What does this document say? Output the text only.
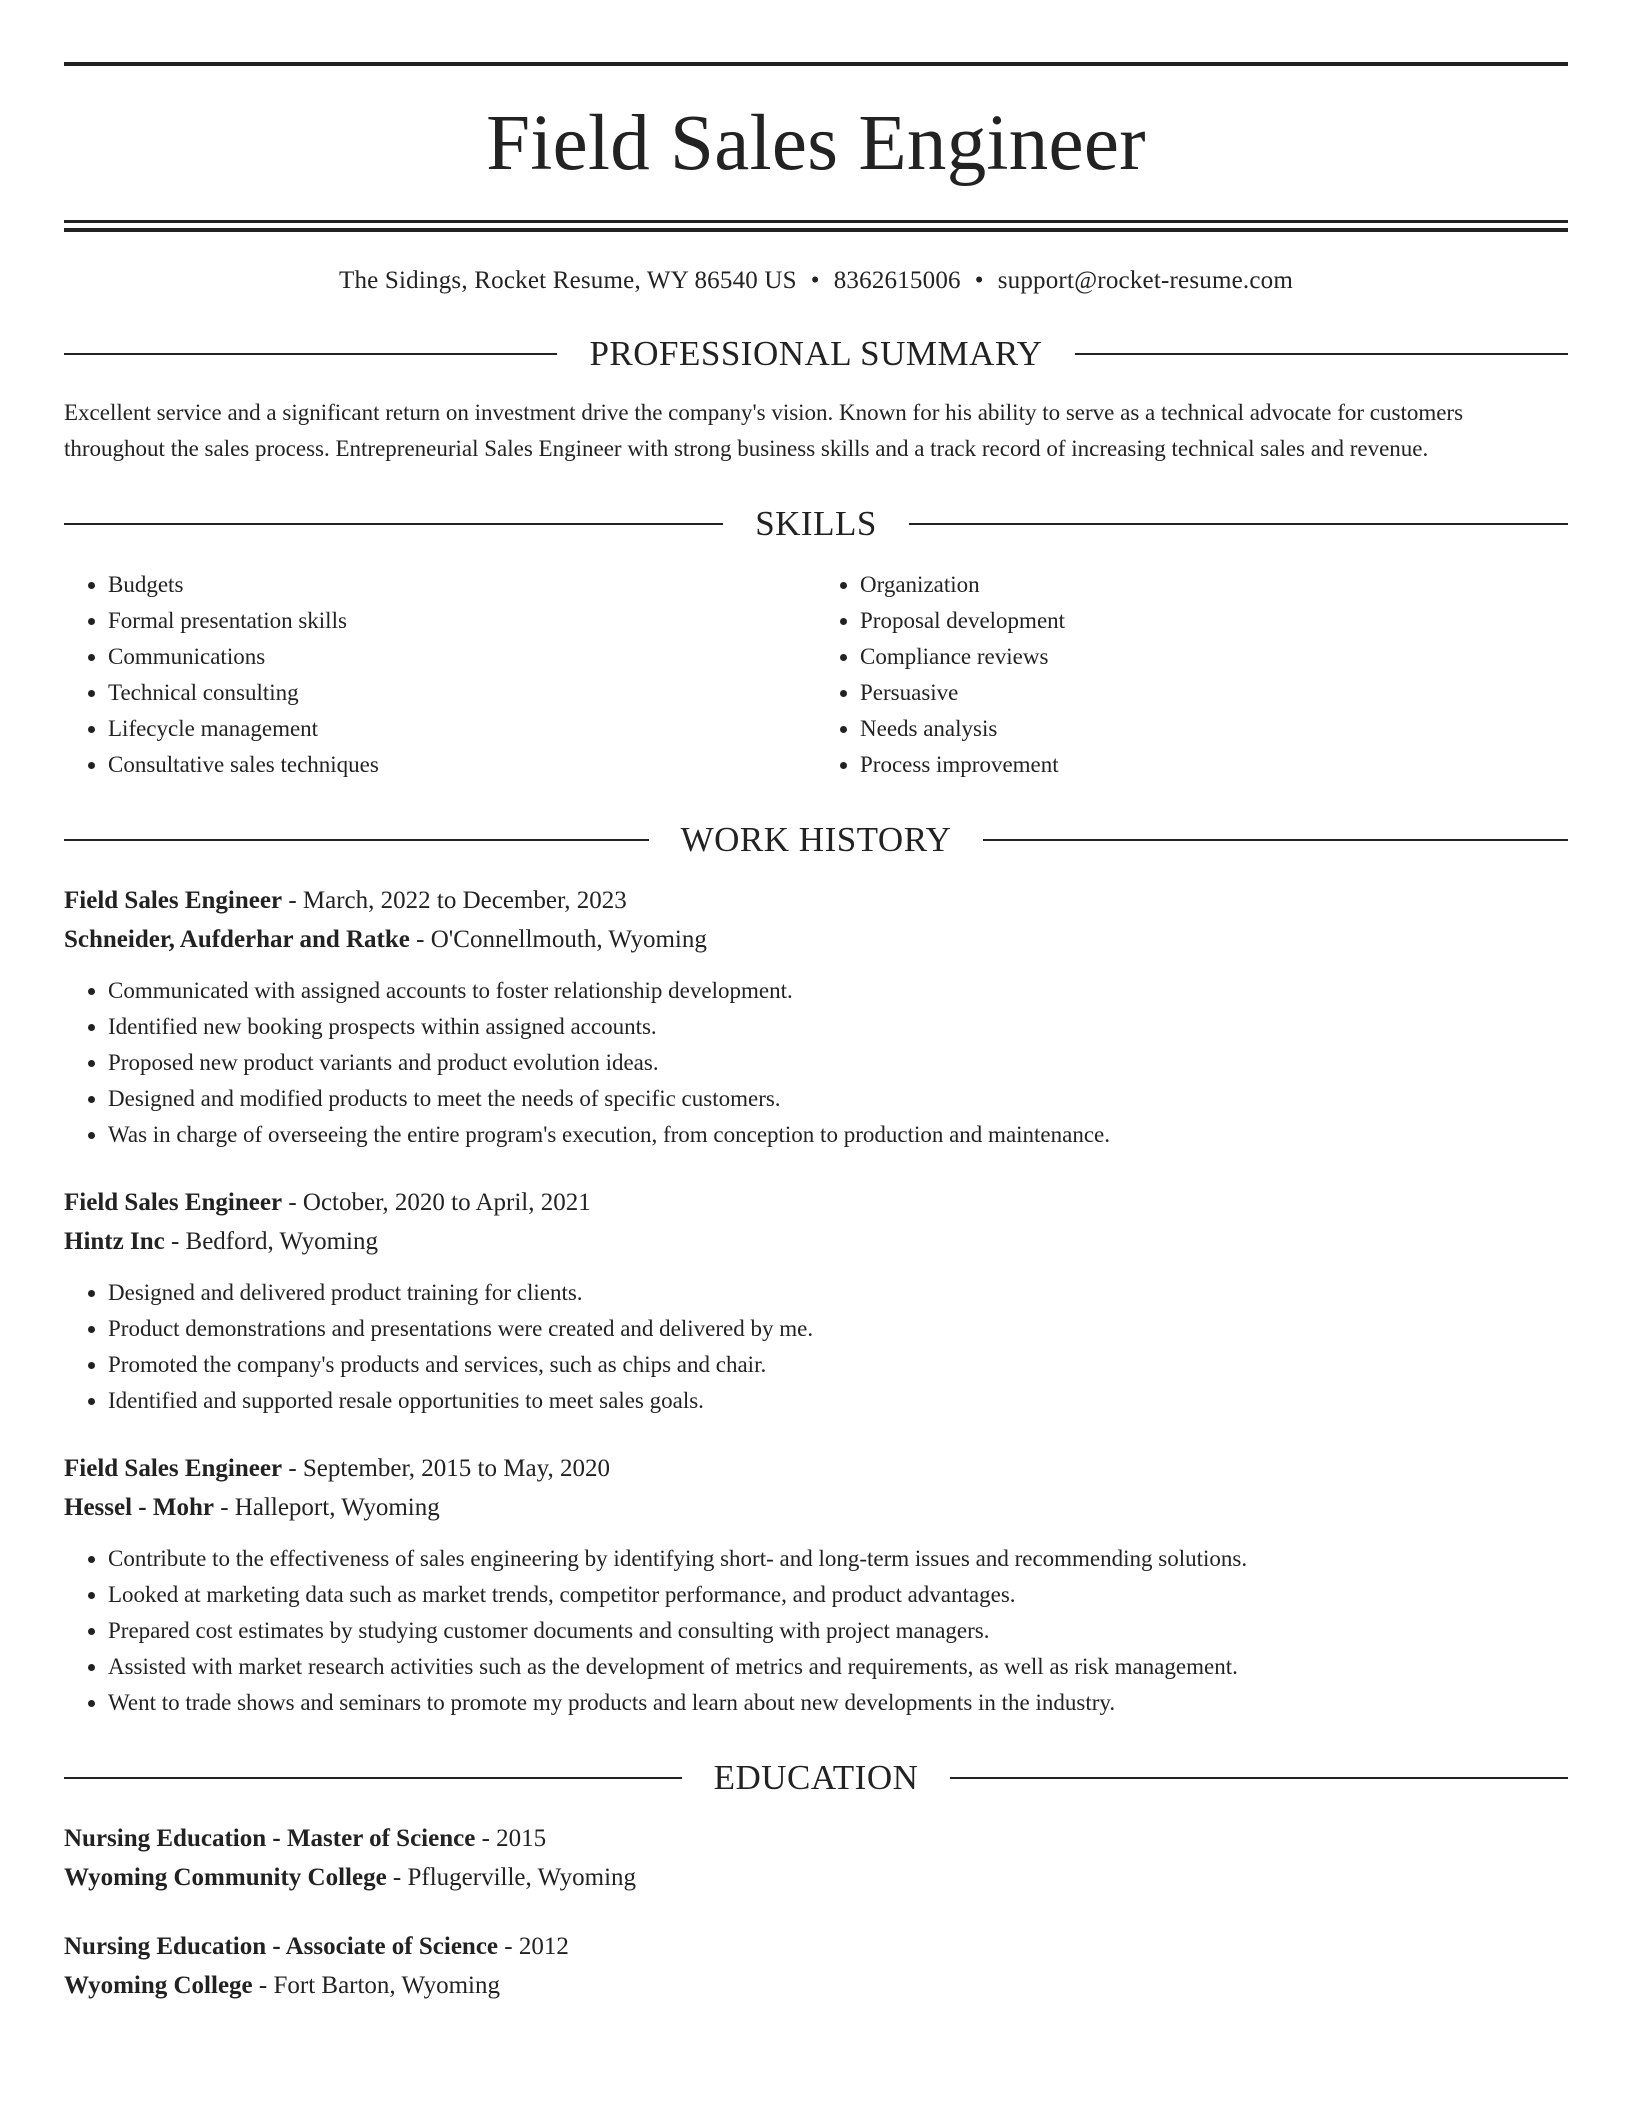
Field Sales Engineer
The Sidings, Rocket Resume, WY 86540 US • 8362615006 • support@rocket-resume.com
PROFESSIONAL SUMMARY

Excellent service and a significant return on investment drive the company's vision. Known for his ability to serve as a technical advocate for customers throughout the sales process. Entrepreneurial Sales Engineer with strong business skills and a track record of increasing technical sales and revenue.

SKILLS
• Budgets
• Formal presentation skills
• Communications
• Technical consulting
• Lifecycle management
• Consultative sales techniques
• Organization
• Proposal development
• Compliance reviews
• Persuasive
• Needs analysis
• Process improvement
WORK HISTORY
Field Sales Engineer - March, 2022 to December, 2023
Schneider, Aufderhar and Ratke - O'Connellmouth, Wyoming
• Communicated with assigned accounts to foster relationship development.
• Identified new booking prospects within assigned accounts.
• Proposed new product variants and product evolution ideas.
• Designed and modified products to meet the needs of specific customers.
• Was in charge of overseeing the entire program's execution, from conception to production and maintenance.
Field Sales Engineer - October, 2020 to April, 2021
Hintz Inc - Bedford, Wyoming
• Designed and delivered product training for clients.
• Product demonstrations and presentations were created and delivered by me.
• Promoted the company's products and services, such as chips and chair.
• Identified and supported resale opportunities to meet sales goals.
Field Sales Engineer - September, 2015 to May, 2020
Hessel - Mohr - Halleport, Wyoming
• Contribute to the effectiveness of sales engineering by identifying short- and long-term issues and recommending solutions.
• Looked at marketing data such as market trends, competitor performance, and product advantages.
• Prepared cost estimates by studying customer documents and consulting with project managers.
• Assisted with market research activities such as the development of metrics and requirements, as well as risk management.
• Went to trade shows and seminars to promote my products and learn about new developments in the industry.
EDUCATION
Nursing Education - Master of Science - 2015
Wyoming Community College - Pflugerville, Wyoming
Nursing Education - Associate of Science - 2012
Wyoming College - Fort Barton, Wyoming
